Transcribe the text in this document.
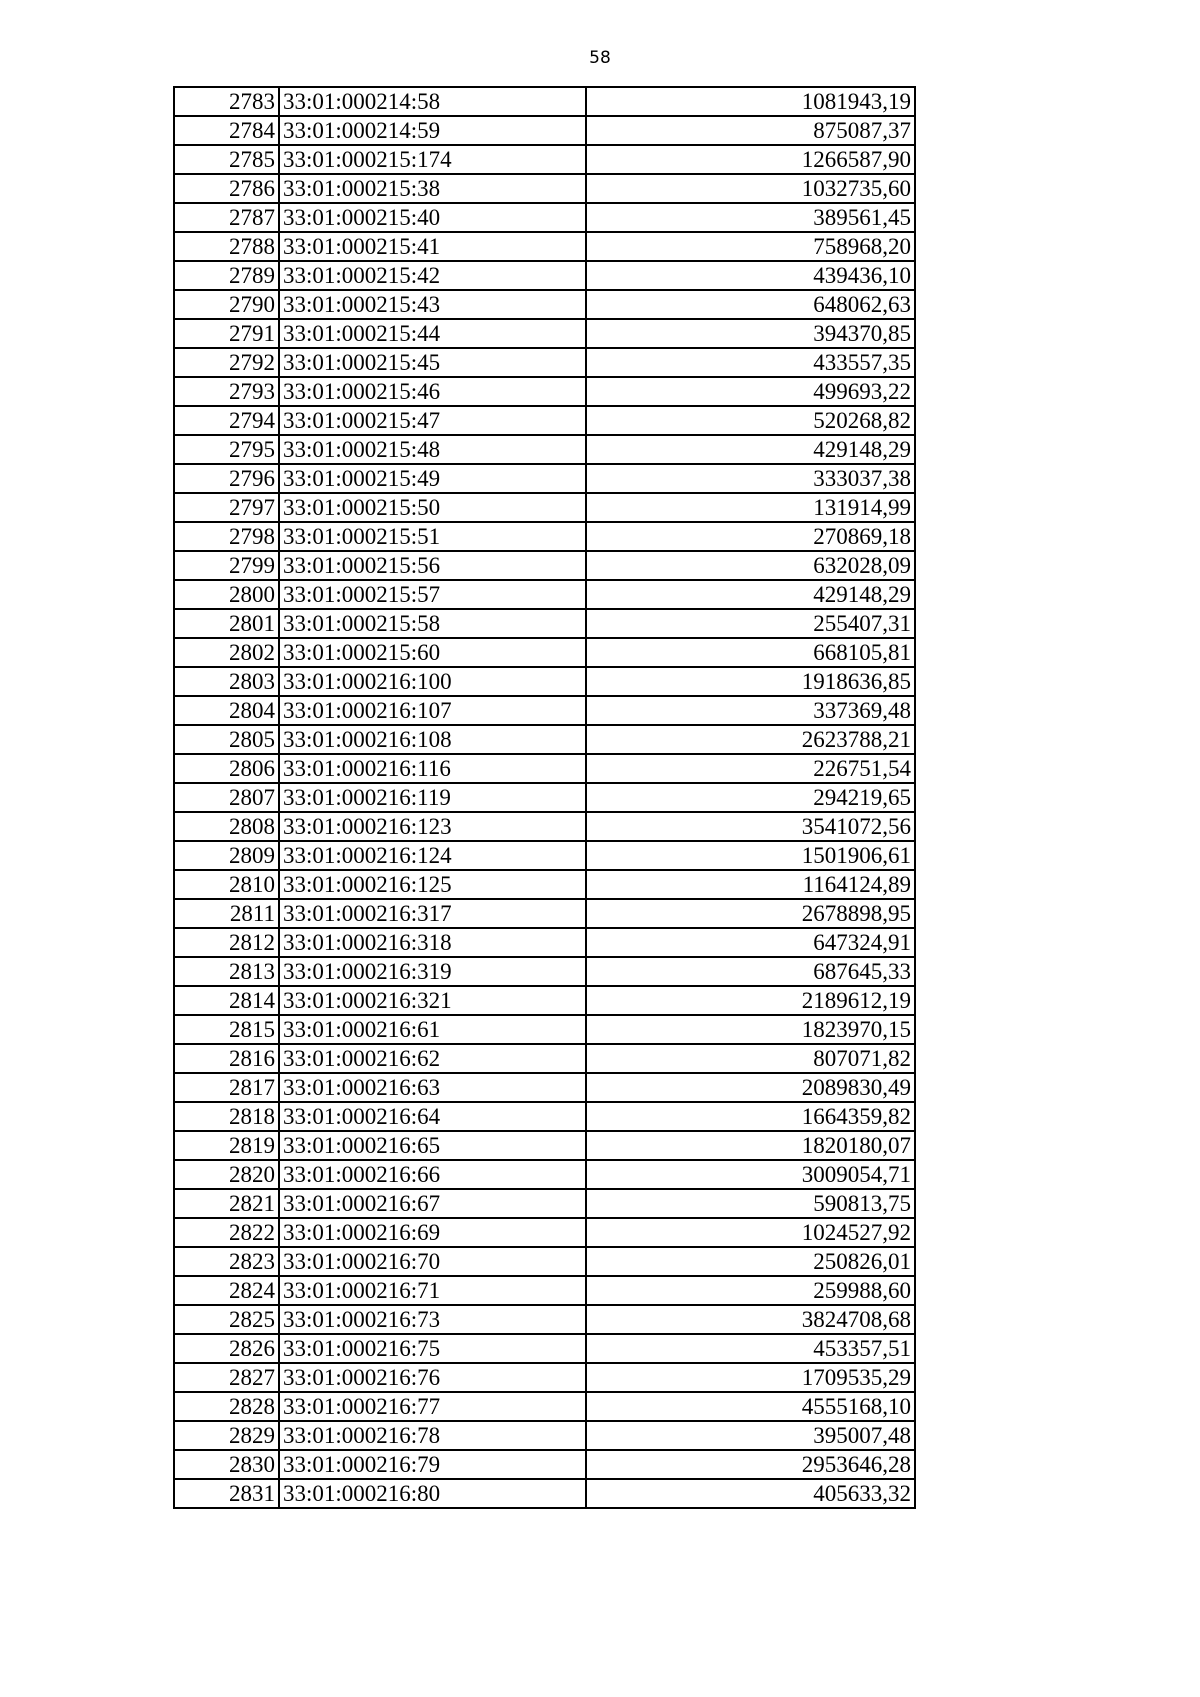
58
2783	33:01:000214:58	1081943,19
2784	33:01:000214:59	875087,37
2785	33:01:000215:174	1266587,90
2786	33:01:000215:38	1032735,60
2787	33:01:000215:40	389561,45
2788	33:01:000215:41	758968,20
2789	33:01:000215:42	439436,10
2790	33:01:000215:43	648062,63
2791	33:01:000215:44	394370,85
2792	33:01:000215:45	433557,35
2793	33:01:000215:46	499693,22
2794	33:01:000215:47	520268,82
2795	33:01:000215:48	429148,29
2796	33:01:000215:49	333037,38
2797	33:01:000215:50	131914,99
2798	33:01:000215:51	270869,18
2799	33:01:000215:56	632028,09
2800	33:01:000215:57	429148,29
2801	33:01:000215:58	255407,31
2802	33:01:000215:60	668105,81
2803	33:01:000216:100	1918636,85
2804	33:01:000216:107	337369,48
2805	33:01:000216:108	2623788,21
2806	33:01:000216:116	226751,54
2807	33:01:000216:119	294219,65
2808	33:01:000216:123	3541072,56
2809	33:01:000216:124	1501906,61
2810	33:01:000216:125	1164124,89
2811	33:01:000216:317	2678898,95
2812	33:01:000216:318	647324,91
2813	33:01:000216:319	687645,33
2814	33:01:000216:321	2189612,19
2815	33:01:000216:61	1823970,15
2816	33:01:000216:62	807071,82
2817	33:01:000216:63	2089830,49
2818	33:01:000216:64	1664359,82
2819	33:01:000216:65	1820180,07
2820	33:01:000216:66	3009054,71
2821	33:01:000216:67	590813,75
2822	33:01:000216:69	1024527,92
2823	33:01:000216:70	250826,01
2824	33:01:000216:71	259988,60
2825	33:01:000216:73	3824708,68
2826	33:01:000216:75	453357,51
2827	33:01:000216:76	1709535,29
2828	33:01:000216:77	4555168,10
2829	33:01:000216:78	395007,48
2830	33:01:000216:79	2953646,28
2831	33:01:000216:80	405633,32
